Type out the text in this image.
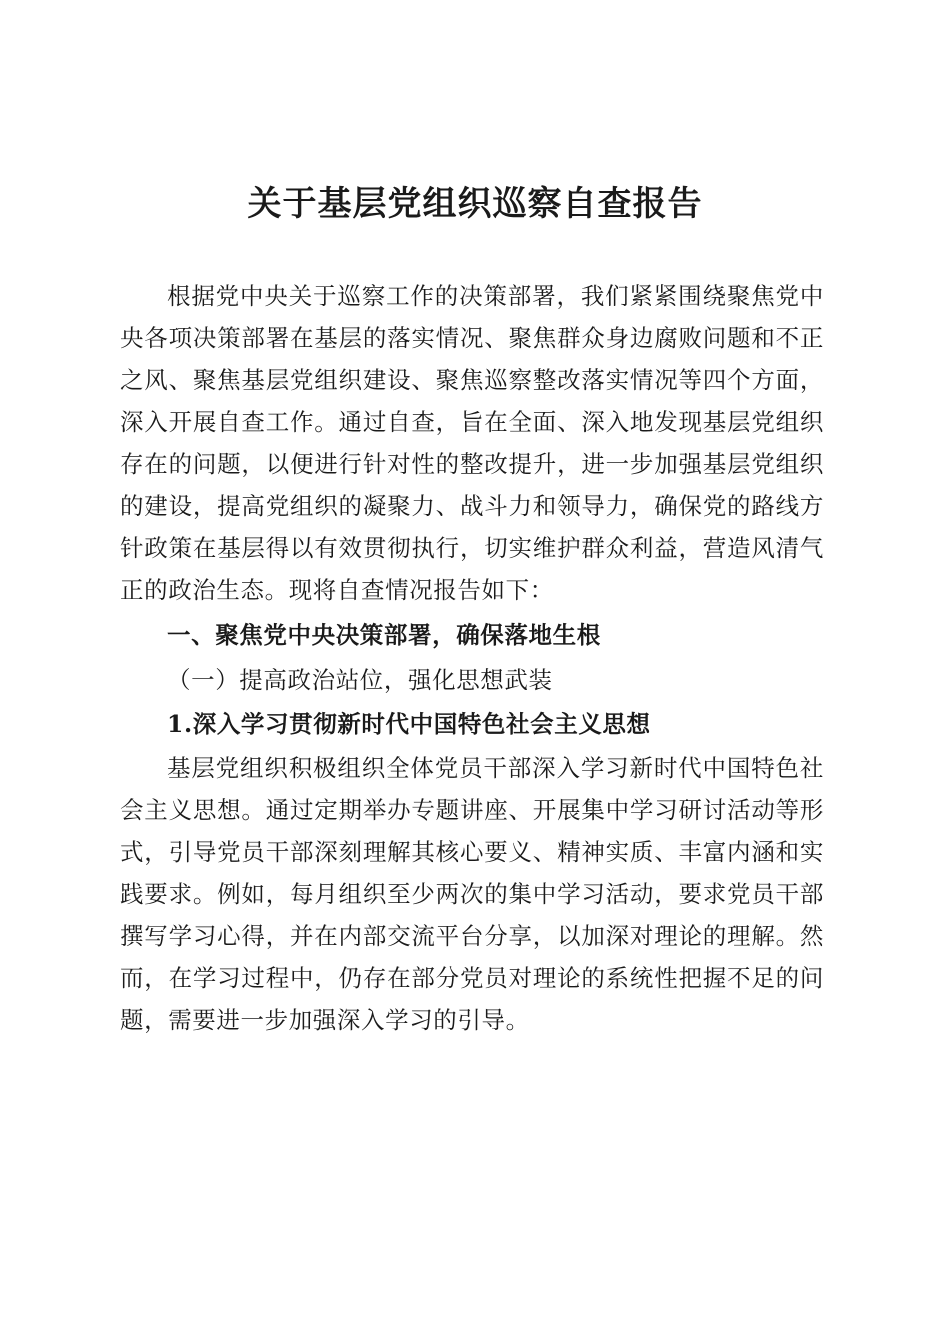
关于基层党组织巡察自查报告

根据党中央关于巡察工作的决策部署，我们紧紧围绕聚焦党中央各项决策部署在基层的落实情况、聚焦群众身边腐败问题和不正之风、聚焦基层党组织建设、聚焦巡察整改落实情况等四个方面，深入开展自查工作。通过自查，旨在全面、深入地发现基层党组织存在的问题，以便进行针对性的整改提升，进一步加强基层党组织的建设，提高党组织的凝聚力、战斗力和领导力，确保党的路线方针政策在基层得以有效贯彻执行，切实维护群众利益，营造风清气正的政治生态。现将自查情况报告如下：

一、聚焦党中央决策部署，确保落地生根

（一）提高政治站位，强化思想武装

1.深入学习贯彻新时代中国特色社会主义思想

基层党组织积极组织全体党员干部深入学习新时代中国特色社会主义思想。通过定期举办专题讲座、开展集中学习研讨活动等形式，引导党员干部深刻理解其核心要义、精神实质、丰富内涵和实践要求。例如，每月组织至少两次的集中学习活动，要求党员干部撰写学习心得，并在内部交流平台分享，以加深对理论的理解。然而，在学习过程中，仍存在部分党员对理论的系统性把握不足的问题，需要进一步加强深入学习的引导。
